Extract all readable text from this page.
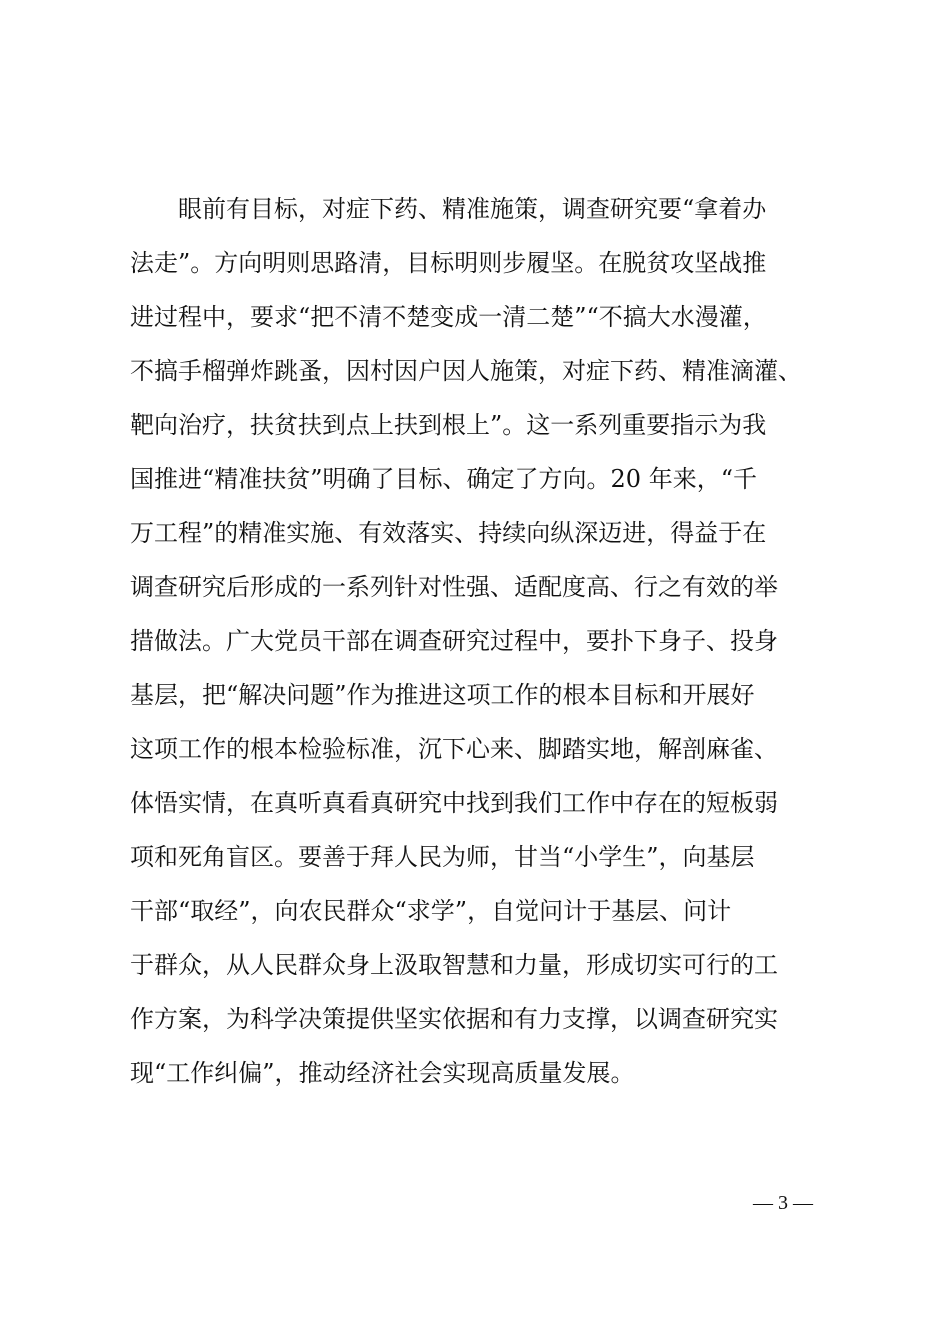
眼前有目标，对症下药、精准施策，调查研究要“拿着办
法走”。方向明则思路清，目标明则步履坚。在脱贫攻坚战推
进过程中，要求“把不清不楚变成一清二楚”“不搞大水漫灌，
不搞手榴弹炸跳蚤，因村因户因人施策，对症下药、精准滴灌、
靶向治疗，扶贫扶到点上扶到根上”。这一系列重要指示为我
国推进“精准扶贫”明确了目标、确定了方向。20 年来，“千
万工程”的精准实施、有效落实、持续向纵深迈进，得益于在
调查研究后形成的一系列针对性强、适配度高、行之有效的举
措做法。广大党员干部在调查研究过程中，要扑下身子、投身
基层，把“解决问题”作为推进这项工作的根本目标和开展好
这项工作的根本检验标准，沉下心来、脚踏实地，解剖麻雀、
体悟实情，在真听真看真研究中找到我们工作中存在的短板弱
项和死角盲区。要善于拜人民为师，甘当“小学生”，向基层
干部“取经”，向农民群众“求学”，自觉问计于基层、问计
于群众，从人民群众身上汲取智慧和力量，形成切实可行的工
作方案，为科学决策提供坚实依据和有力支撑，以调查研究实
现“工作纠偏”，推动经济社会实现高质量发展。
— 3 —
